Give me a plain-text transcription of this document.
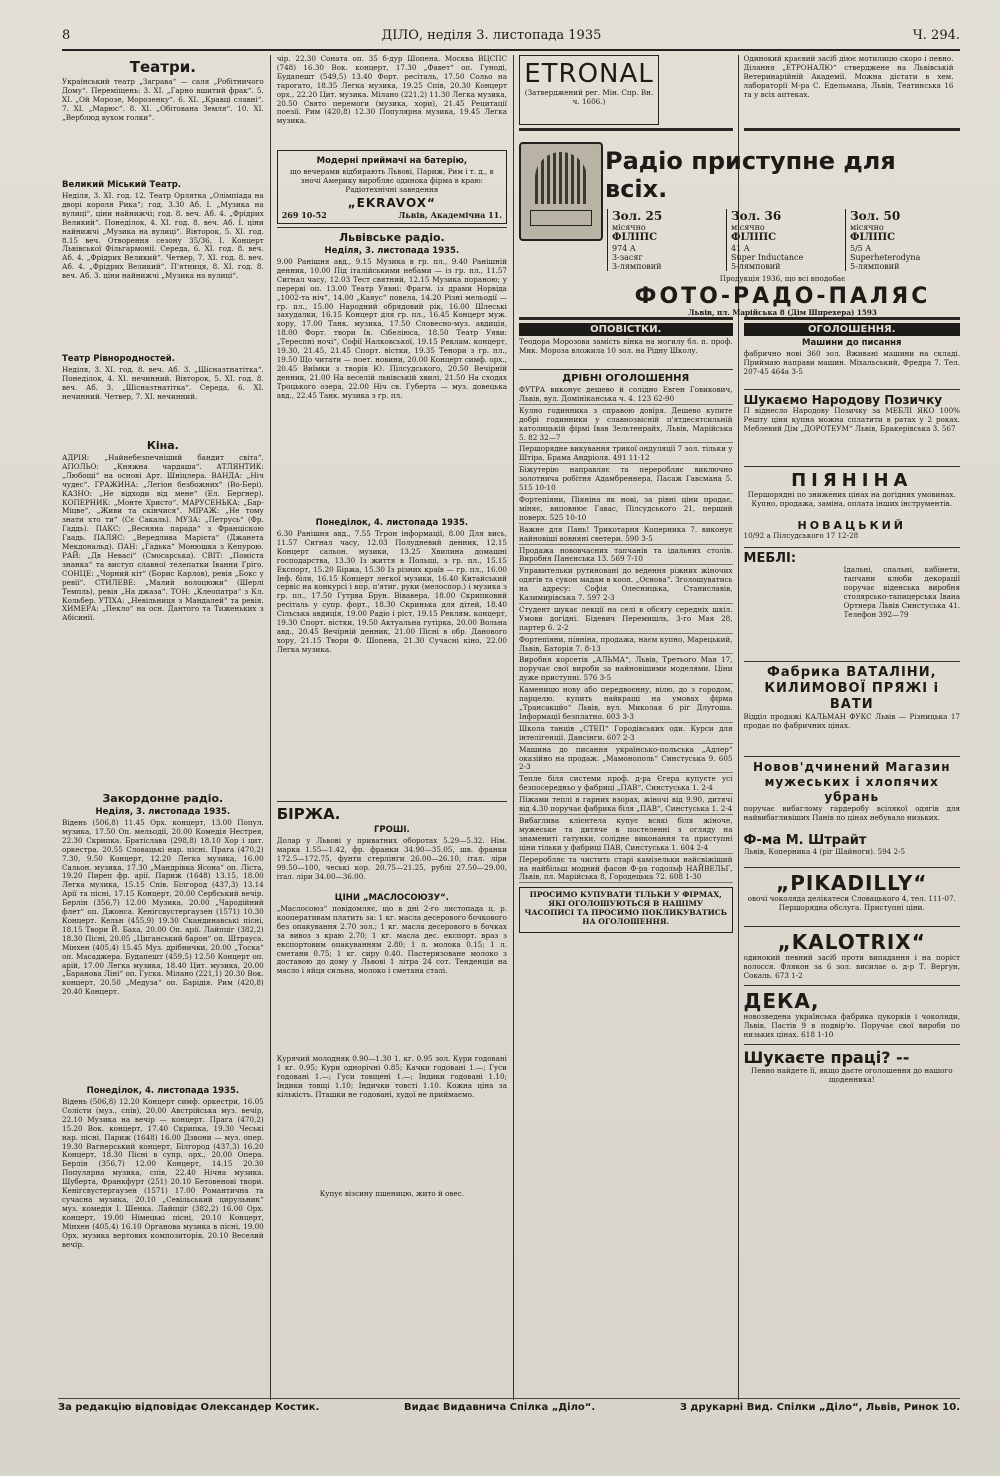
8	ДІЛО, неділя 3. листопада 1935	Ч. 294.
Театри.

Український театр „Заграва“ — саля „Робітничого Дому“. Переміщень: 3. XI. „Гарно вшитий фрак“. 5. XI. „Ой Морозе, Морозенку“. 6. XI. „Кравці славні“. 7. XI. „Марюс“. 8. XI. „Обітована Земля“. 10. XI. „Верблюд вухом голки“.

Великий Міський Театр.

Неділя, 3. XI. год. 12. Театр Орлятка „Олімпіада на дворі короля Рика“; год. 3.30 Аб. І. „Музика на вулиці“, ціни найнижчі; год. 8. веч. Аб. 4. „Фрідрих Великий“. Понеділок, 4. XI. год. 8. веч. Аб. І. ціни найнижчі „Музика на вулиці“. Вівторок, 5. XI. год. 8.15 веч. Отворення сезону 35/36, І. Концерт Львівської Фільгармонії. Середа, 6. XI. год. 8. веч. Аб. 4. „Фрідрих Великий“. Четвер, 7. XI. год. 8. веч. Аб. 4. „Фрідрих Великий“. П'ятниця, 8. XI. год. 8. веч. Аб. 3. ціни найнижчі „Музика на вулиці“.

Театр Рівнородностей.

Неділя, 3. XI. год. 8. веч. Аб. 3. „Шісназтнатітка“. Понеділок, 4. XI. нечинний. Вівторок, 5. XI. год. 8. веч. Аб. 3. „Шісназтнатітка“. Середа, 6. XI. нечинний. Четвер, 7. XI. нечинний.

Кіна.

АДРІЯ: „Найнебезпечніший бандит світа“. АПОЛЬО: „Княжна чардаша“. АТЛЯНТИК: „Любощі“ на основі Арт. Шніцлера. ВАНДА: „Ніч чудес“. ГРАЖИНА: „Легіон безбожних“ (Во-Бері). КАЗНО: „Не відходи від мене“ (Ел. Бергнер). КОПЕРНИК: „Монте Христо“. МАРУСЕНЬКА: „Бар-Міцве“, „Живи та скінчися“. МІРАЖ: „Не тому знати хто ти“ (Сє Сакаль). МУЗА: „Петрусь“ (Фр. Гаддь). ПАКС: „Весняна парада“ з Франціскою Гаадь. ПАЛЯС: „Вередлива Марієта“ (Джанета Мекдональд). ПАН: „Гадька“ Монюшка з Кепурою. РАЙ: „Дв Невасі“ (Смосарська). СВІТ: „Поміста знанка“ та виступ славної телепатки Іванни Гріго. СОНЦЕ: „Чорний кіт“ (Борис Карлов), ревія „Бокс у ревії“. СТИЛЕВЕ: „Малий волоцюжи“ (Шерлі Темпль), ревія „На джаза“. ТОН: „Клеопатра“ з Кл. Кольбер. УТІХА: „Невільниця з Мандалей“ та ревія. ХИМЕРА: „Пекло“ на осн. Дантого та Тиженьких з Абісинії.

Закордонне радіо.
Неділя, 3. листопада 1935.

Відень (506,8) 11.45 Орх. концерт, 13.00 Попул. музика, 17.50 Оп. мельодії, 20.00 Комедія Нестрея, 22.30 Скрипка. Братіслава (298,8) 18.10 Хор і цит. оркестра. 20.55 Словацькі нар. пісні. Прага (470,2) 7.30, 9.50 Концерт, 12.20 Легка музика, 16.00 Сальон. музика, 17.30 „Мандрівка Ясона“ оп. Ліста, 19.20 Пиреп фр. арії. Париж (1648) 13.15, 18.00 Легка музика, 15.15 Спів. Білгород (437,3) 13.14 Арії та пісні, 17.15 Концерт, 20.00 Сербський вечір. Берлін (356,7) 12.00 Музика, 20.00 „Чародійний флет“ оп. Джонса. Кенігсвустергаузен (1571) 10.30 Концерт. Кельн (455,9) 19.30 Скандинавські пісні, 18.15 Твори Й. Баха, 20.00 Оп. арії. Лайпціг (382,2) 18.30 Пісні, 20.05 „Циганський барон“ оп. Штрауса. Мінхен (405,4) 15.45 Муз. дрібнички, 20.00 „Тоска“ оп. Масаджера. Будапешт (459,5) 12.50 Концерт оп. арій, 17.00 Легка музика, 18.40 Цит. музика, 20.00 „Баранова Ліні“ оп. Гуска. Мілано (221,1) 20.30 Вок. концерт, 20.50 „Медуза“ оп. Барідія. Рим (420,8) 20.40 Концерт.

Понеділок, 4. листопада 1935.

Відень (506,8) 12.20 Концерт симф. оркестри, 16.05 Солісти (муз., спів), 20.00 Австрійська муз. вечір, 22.10 Музика на вечір — концерт. Прага (470,2) 15.20 Вок. концерт, 17.40 Скрипка, 19.30 Чеські нар. пісні, Париж (1648) 16.00 Дзвони — муз. опер. 19.30 Вагнерський концерт, Білгород (437,3) 16.20 Концерт, 18.30 Пісні в супр. орх., 20.00 Опера. Берлін (356,7) 12.00 Концерт, 14.15 20.30 Популярна музика, спів, 22.40 Нічна музика. Шуберта, Франкфурт (251) 20.10 Бетовенові твори. Кенігсвустергаузен (1571) 17.00 Романтична та сучасна музика, 20.10 „Севільський цирульник“ муз. комедія І. Шенка. Лайпціг (382,2) 16.00 Орх. концерт, 19.00 Німецькі пісні, 20.10 Концерт, Мінхен (405,4) 16.10 Органова музика в пісні, 19.00 Орх. музика вертових композиторів, 20.10 Веселий вечір.

чір. 22.30 Соната оп. 35 б-дур Шопена. Москва ВЦСПС (748) 16.30 Вок. концерт, 17.30 „Фавет“ оп. Гуноді, Будапешт (549,5) 13.40 Форт. ресіталь, 17.50 Сольо на тарогато, 18.35 Легка музика, 19.25 Спів, 20.30 Концерт орх., 22.20 Цит. музика. Мілано (221,2) 11.30 Легка музика, 20.50 Свято перемоги (музика, хори), 21.45 Рецитації поезії. Рим (420,8) 12.30 Популярна музика, 19.45 Легка музика.

Модерні приймачі на батерію,

що вечерами відбирають Львові, Париж, Рим і т. д., в зночі Америку виробляє одинока фірма в краю: Радіотехнічні заведення

„EKRAVOX“
269 10-52	Львів, Академічна 11.
Львівське радіо.
Неділя, 3. листопада 1935.

9.00 Ранішня авд., 9.15 Музика в гр. пл., 9.40 Ранішній денник, 10.00 Під італійськими небами — із гр. пл., 11.57 Сигнал часу, 12.03 Тест святний, 12.15 Музика пораною; у перерві оп. 13.00 Театр Уявні: Фрагм. із драми Норвіда „1002-та ніч“, 14.00 „Каяус“ повела, 14.20 Різні мельодії — гр. пл., 15.00 Народний обрядовий рік, 16.00 Шлеські захудалки, 16.15 Концерт для гр. пл., 16.45 Концерт муж. хору, 17.00 Танк. музика, 17.50 Словесно-муз. авдиція, 18.00 Форт. твори Ів. Сібеліюса, 18.50 Театр Уяви: „Тереспні ночі“, Софії Налковської, 19.15 Реклам. концерт, 19.30, 21.45, 21.45 Спорт. вістки, 19.35 Тенори з гр. пл., 19.50 Що читати — поет. новини, 20.00 Концерт симф. орх., 20.45 Виїмки з творів Ю. Пілсудського, 20.50 Вечірній денник, 21.00 На веселій львівській хвилі, 21.50 На сходах Троцького озера, 22.00 Ніч св. Губерта — муз. довецька авд., 22.45 Танк. музика з гр. пл.

Понеділок, 4. листопада 1935.

6.30 Ранішня авд., 7.55 Тгрон інформації, 8.00 Для вись, 11.57 Сигнал часу, 12.03 Полудневий денник, 12.15 Концерт сальон. музики, 13.25 Хвилина домашні господарства, 13.30 Із життя в Польщі, з гр. пл., 15.15 Експорт, 15.20 Біржа, 15.30 Із різних країв — гр. пл., 16.00 Інф. біля, 16.15 Концерт легкої музики, 16.40 Китайський сервіс на конкурсі і впр. п'ятиг. руки (мелоспор.) і музика з гр. пл., 17.50 Гутрва Брун. Вівавера, 18.00 Скрипковий ресіталь у супр. форт., 18.30 Скринька для дітей, 18.40 Сільська авдиція, 19.00 Радіо і ріст, 19.15 Реклям. концерт, 19.30 Спорт. вістки, 19.50 Актуальна гутірка, 20.00 Вольна авд., 20.45 Вечірній денник, 21.00 Пісні в обр. Данового хору, 21.15 Твори Ф. Шопена, 21.30 Сучасні кіно, 22.00 Легка музика.

БІРЖА.
ГРОШІ.

Долар у Львові у приватних оборотах 5.29—5.32. Нім. марка 1.55—1.42, фр. франки 34.90—35.05, шв. франки 172.5—172.75, фунти стерлінги 26.00—26.10, італ. ліри 99.50—100, чеські кор. 20.75—21.25, рублі 27.50—29.00, італ. ліри 34.00—36.00.

ЦІНИ „МАСЛОСОЮЗУ“.

„Маслосоюз“ повідомляє, що в дні 2-го листопада ц. р. кооперативам платить за: 1 кг. масла десерового бочкового без опакування 2.70 зол.; 1 кг. масла десерового в бочках за вивоз з краю 2.70; 1 кг. масла дес. експорт. враз з експортовим опакуванням 2.80; 1 л. молока 0.15; 1 л. сметани 0.75; 1 кг. сиру 0.40. Пастеризоване молоко з доставою до дому у Львові 1 літра 24 сот. Тенденція на масло і яйця сильна, молоко і сметана сталі.

Курячий молодняк 0.90—1.30 1. кг. 0.95 зол. Кури годовані 1 кг. 0.95; Кури однорічні 0.85; Качки годовані 1.—; Гуси годовані 1.—; Гуси товщені 1.—; Індики годовані 1.10; Індики товщі 1.10; Індички товсті 1.10. Кожна ціна за кількість. Пташки не годовані, худої не приймаємо.

Купує візсину пшеницю, жито й овес.

ETRONAL
(Затверджений рег. Мін. Спр. Вн. ч. 1606.)
ОПОВІСТКИ.

Теодора Морозова замість вінка на могилу бл. п. проф. Мик. Мороза вложила 10 зол. на Рідну Школу.

ДРІБНІ ОГОЛОШЕННЯ

ФУТРА виконує дешево й солідно Евген Говикович, Львів, вул. Домініканська ч. 4. 123 62-90

Кулно годинника з справою довіря. Дешево купите добрі годинники у славнозвісній п'ятдесятсильній католицькій фірмі Івав Зельтенрайх, Львів, Марійська 5. 82 32—7

Першорядне викування трикої ондуляції 7 зол. тільки у Штіра, Брама Андріоля. 491 11-12

Біжутерію направляє та переробляє виключно золотнича робітня Адамбреннера, Пасаж Гавсмана 5. 515 10-10

Фортепіяни, Піяніна як нові, за рівні ціни продає, міняє, виповнює Гавас, Пілсудського 21, перший поверх. 525 10-10

Важне для Пань! Трикотарня Коперника 7. виконує найновіші вовняні светери. 590 3-5

Продажа нововчасних тапчанів та ідальних столів. Виробня Панєнська 13. 569 7-10

Управительки рутиновані до ведення ріжних жіночих одягів та сукон мадам в кооп. „Основа“. Зголошуватись на адресу: Софія Олесницька, Станиславів, Казимирівська 7. 597 2-3

Студент шукає лекції на селі в обсягу середніх шкіл. Умови догідні. Бідевич Перемишль, 3-го Мая 28, партер 6. 2-2

Фортепіяни, піяніна, продажа, наєм купно, Марецький, Львів, Баторія 7. 8-13

Виробня корсетів „АЛЬМА“, Львів, Третього Мая 17, поручає свої вироби за найновішими моделями. Ціни дуже приступні. 576 3-5

Каменицю нову або передвоєнну, вілю, до з городом, парцелю. купить найкращі на умовах фірма „Трансакцйо“ Львів, вул. Миколая 6 ріг Длугоша. Інформації безплатно. 603 3-3

Школа танців „СТЕП“ Городівських оди. Курси для інтелігенції. Дансінги. 607 2-3

Машина до писання українсько-польська „Адлер“ оказійно на продаж. „Мамонополь“ Синстуська 9. 605 2-3

Тепле біля системи проф. д-ра Єгера купуєте усі безпосередньо у фабриці „ПАВ“, Синстуська 1. 2-4

Піжами теплі в гарних взорах, жіночі від 9.90, дитячі від 4.30 поручає фабрика біля „ПАВ“, Синстуська 1. 2-4

Вибаглива клієнтела купує всякі біля жіноче, мужеське та дитяче в постеленні з огляду на знамениті гатунки, солідне виконання та приступні ціни тільки у фабриці ПАВ, Синстуська 1. 604 2-4

Переробляє та чистить старі камізельки найсвіжіший на найбільш модний фасон Ф-ра годольф НАЙВЕЛЬГ, Львів, пл. Марійська 8, Городецька 72. 608 1-30

ПРОСИМО КУПУВАТИ ТІЛЬКИ У ФІРМАХ, ЯКІ ОГОЛОШУЮТЬСЯ В НАШІМУ ЧАСОПИСІ ТА ПРОСИМО ПОКЛИКУВАТИСЬ НА ОГОЛОШЕННЯ.

Одинокий краєвий засіб діює мотилицю скоро і певно. Ділання „ЕТРОНАЛЮ“ стверджене на Львівській Ветеринарійній Академії. Можна дістати в хем. лабораторії М-ра С. Едельмана, Львів, Театинська 16 та у всіх аптеках.

ОГОЛОШЕННЯ.
Машини до писання

фабрично нові 360 зол. Вживані машини на складі. Приймаю направи машин. Міхальський, Фредра 7. Тел. 207-45 464а 3-5

Шукаємо Народову Позичку

П віднесло Народову Позичку за МЕБЛІ ЯКО 100% Решту ціни купна можна сплатити в ратах у 2 роках. Меблевий Дім „ДОРОТЕУМ“ Львів, Бракерівська 3. 567

ПІЯНІНА

Першорядні по знижених цінах на догідних умовинах. Купно, продажа, заміна, оплата інших інструментів.

НОВАЦЬКИЙ

10/92 а Пілсудського 17 12-28

МЕБЛІ:

Їдальні, спальні, кабінети, тапчани клюби декорації поручає віденська виробня столярсько-тапицерська Івана Ортнера Львів Синстуська 41. Телефон 392—79

Фабрика ВАТАЛІНИ, КИЛИМОВОЇ ПРЯЖІ і ВАТИ

Відділ продажі КАЛЬМАН ФУКС Львів — Різницька 17 продає по фабричних цінах.

Новов'дчинений Магазин мужеських і хлопячих убрань

поручає вибаглому гардеробу всілякої одягів для найвибагливіших Панів по цінах небувало низьких.

Ф-ма М. Штрайт

Львів, Коперника 4 (ріг Шайноги). 594 2-5

„PIKADILLY“

овочі чоколяда делікатеси Словацького 4, тел. 111-07. Першорядна обслуга. Приступні ціни.

„KALOTRIX“

одинокий певний засіб проти випадання і на поріст волосся. Флякон за 6 зол. висилає о. д-р Т. Вергун, Сокаль. 673 1-2

ДЕКА,

новозведена українська фабрика цукорків і чоколяди, Львів, Пастів 9 в подвір'ю. Поручає свої вироби по низьких цінах. 618 1-10

Шукаєте праці? --

Певно найдете її, якщо даєте оголошення до нашого щоденника!

Радіо приступне для всіх.
Зол. 25
місячно
ФІЛІПС
974 A
3-засяг
3-лямповий
Зол. 36
місячно
ФІЛІПС
41 A
Super Inductance
5-лямповий
Зол. 50
місячно
ФІЛІПС
5/5 A
Superheterodyna
5-лямповий
Продукція 1936, що всі вподобає
ФОТО-РАДО-ПАЛЯС
Львів, пл. Марійська 8 (Дім Шпрехера) 1593
За редакцію відповідає Олександер Костик.	Видає Видавнича Спілка „Діло“.	З друкарні Вид. Спілки „Діло“, Львів, Ринок 10.
